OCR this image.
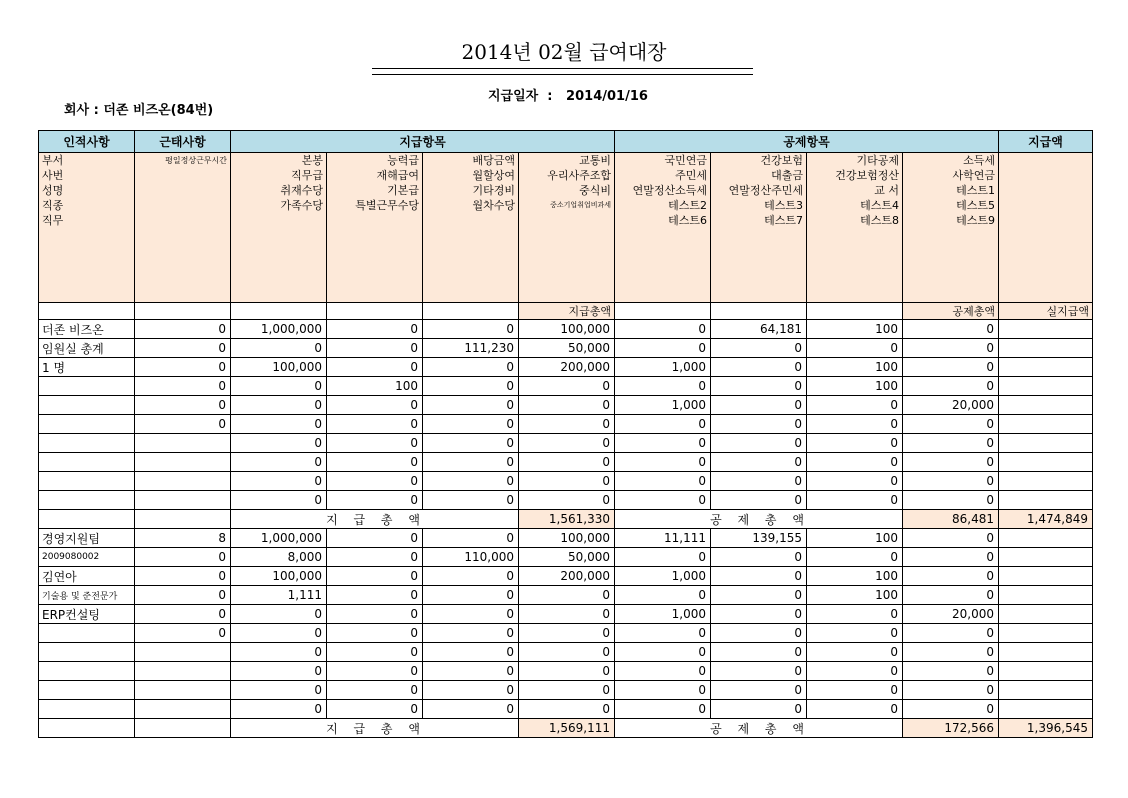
2014년 02월 급여대장
지급일자  :   2014/01/16
회사 : 더존 비즈온(84번)
인적사항	근태사항	지급항목				공제항목				지급액
부서	평일정상근무시간	본봉	능력급	배당금액	교통비	국민연금	건강보험	기타공제	소득세	
사번		직무급	재해급여	월할상여	우리사주조합	주민세	대출금	건강보험정산	사학연금	
성명		취재수당	기본급	기타경비	중식비	연말정산소득세	연말정산주민세	교 서	테스트1	
직종		가족수당	특별근무수당	월차수당	중소기업취업비과세	테스트2	테스트3	테스트4	테스트5	
직무						테스트6	테스트7	테스트8	테스트9	

					지급총액				공제총액	실지급액
더존 비즈온	0	1,000,000	0	0	100,000	0	64,181	100	0	
임원실 총계	0	0	0	111,230	50,000	0	0	0	0	
1 명	0	100,000	0	0	200,000	1,000	0	100	0	
	0	0	100	0	0	0	0	100	0	
	0	0	0	0	0	1,000	0	0	20,000	
	0	0	0	0	0	0	0	0	0	
		0	0	0	0	0	0	0	0	
		0	0	0	0	0	0	0	0	
		0	0	0	0	0	0	0	0	
		0	0	0	0	0	0	0	0	
		지 급 총 액			1,561,330	공 제 총 액			86,481	1,474,849
경영지원팀	8	1,000,000	0	0	100,000	11,111	139,155	100	0	
2009080002	0	8,000	0	110,000	50,000	0	0	0	0	
김연아	0	100,000	0	0	200,000	1,000	0	100	0	
기술용 및 준전문가	0	1,111	0	0	0	0	0	100	0	
ERP컨설팅	0	0	0	0	0	1,000	0	0	20,000	
	0	0	0	0	0	0	0	0	0	
		0	0	0	0	0	0	0	0	
		0	0	0	0	0	0	0	0	
		0	0	0	0	0	0	0	0	
		0	0	0	0	0	0	0	0	
		지 급 총 액			1,569,111	공 제 총 액			172,566	1,396,545
